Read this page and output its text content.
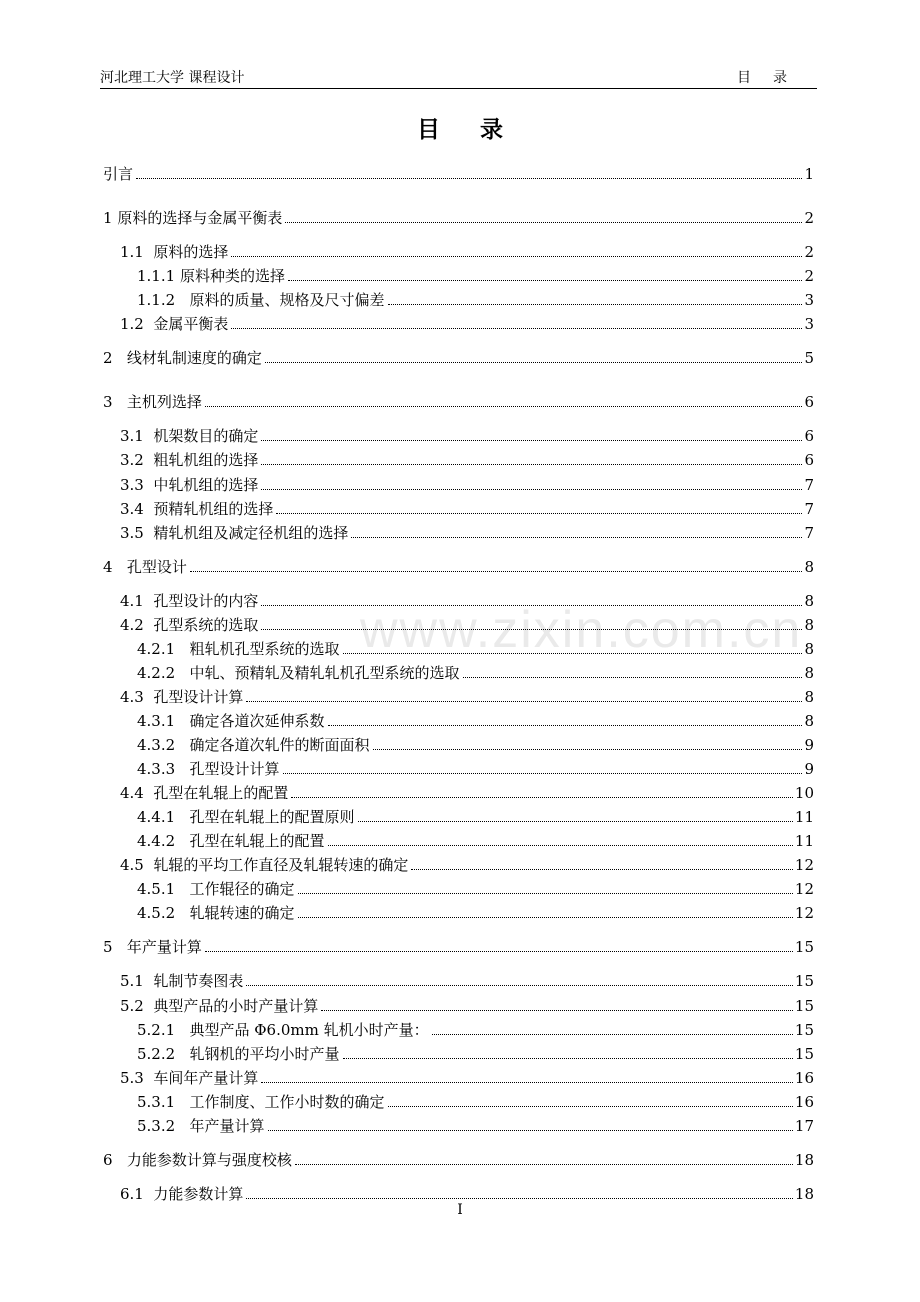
河北理工大学 课程设计	目录
www.zixin.com.cn
目录
引言	1
1 原料的选择与金属平衡表	2
1.1 原料的选择	2
1.1.1 原料种类的选择	2
1.1.2 原料的质量、规格及尺寸偏差	3
1.2 金属平衡表	3
2 线材轧制速度的确定	5
3 主机列选择	6
3.1 机架数目的确定	6
3.2 粗轧机组的选择	6
3.3 中轧机组的选择	7
3.4 预精轧机组的选择	7
3.5 精轧机组及减定径机组的选择	7
4 孔型设计	8
4.1 孔型设计的内容	8
4.2 孔型系统的选取	8
4.2.1 粗轧机孔型系统的选取	8
4.2.2 中轧、预精轧及精轧轧机孔型系统的选取	8
4.3 孔型设计计算	8
4.3.1 确定各道次延伸系数	8
4.3.2 确定各道次轧件的断面面积	9
4.3.3 孔型设计计算	9
4.4 孔型在轧辊上的配置	10
4.4.1 孔型在轧辊上的配置原则	11
4.4.2 孔型在轧辊上的配置	11
4.5 轧辊的平均工作直径及轧辊转速的确定	12
4.5.1 工作辊径的确定	12
4.5.2 轧辊转速的确定	12
5 年产量计算	15
5.1 轧制节奏图表	15
5.2 典型产品的小时产量计算	15
5.2.1 典型产品 Φ6.0mm 轧机小时产量：	15
5.2.2 轧钢机的平均小时产量	15
5.3 车间年产量计算	16
5.3.1 工作制度、工作小时数的确定	16
5.3.2 年产量计算	17
6 力能参数计算与强度校核	18
6.1 力能参数计算	18
I
